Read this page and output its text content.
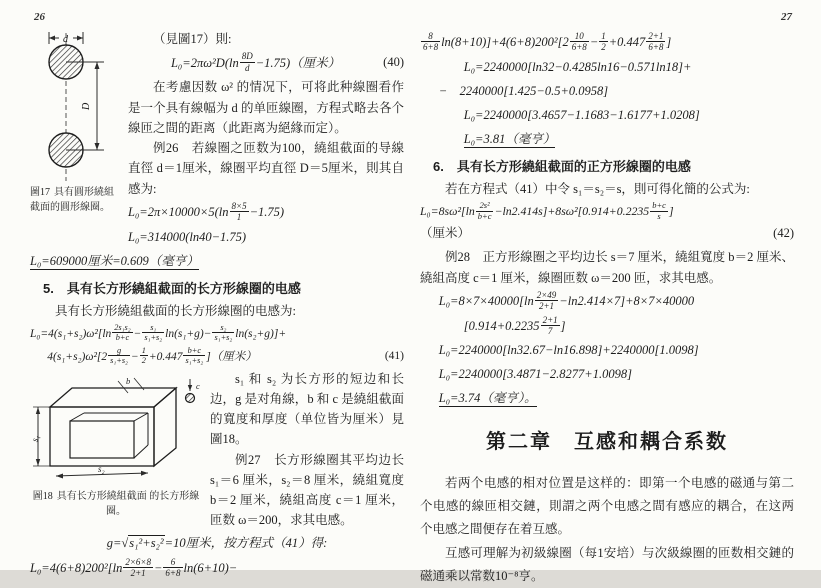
26
d
D
圖17 具有圓形繞組截面的圓形線圈。

（見圖17）則:

(40)
$L_0=2\pi\omega^2D(\ln \frac{8D}{d} -1.75)$（厘米）

在考慮因数 ω² 的情况下，可将此种線圈看作是一个具有線幅为 d 的单匝線圈，方程式略去各个線匝之間的距离（此距离为絕緣而定）。

例26　若線圈之匝数为100，繞組截面的导線直徑 d＝1厘米，線圈平均直徑 D＝5厘米，則其自感为:

$L_0=2\pi\times 10000\times 5(\ln \frac{8\times 5}{1} -1.75)$
L₀=314000(ln40−1.75)
L₀=609000厘米=0.609（毫亨）
5.　具有长方形繞組截面的长方形線圈的电感

具有长方形繞組截面的长方形線圈的电感为:

$L_0=4(s_1+s_2)\omega^2[\ln \frac{\text{2s₁s₂}}{b+c} - \frac{\text{s₁}}{\text{s₁+s₂}} \ln(s_1+g)- \frac{\text{s₂}}{\text{s₁+s₂}} \ln(s_2+g)]+$
(41)
$4(s_1+s_2)\omega^2[2 \frac{g}{\text{s₁+s₂}} - \frac{1}{2} +0.447 \frac{b+c}{\text{s₁+s₂}}$ ]（厘米）
s₁
s₂
b	c
圖18 具有长方形繞組截面 的长方形線圈。

s₁ 和 s₂ 为长方形的短边和长边，g 是对角線，b 和 c 是繞組截面的寬度和厚度（单位皆为厘米）見圖18。

例27　长方形線圈其平均边长 s₁＝6 厘米，s₂＝8 厘米，繞組寬度 b＝2 厘米，繞組高度 c＝1 厘米，匝数 ω＝200，求其电感。

g=√s₁²+s₂²=10厘米，按方程式（41）得:
$L_0=4(6+8)200^2[\ln \frac{2\times 6\times 8}{2+1} - \frac{6}{6+8} \ln(6+10)-$
27
$\frac{8}{6+8} \ln(8+10)]+4(6+8)200^2[2 \frac{10}{6+8} - \frac{1}{2} +0.447 \frac{2+1}{6+8}$ ]
L₀=2240000[ln32−0.4285ln16−0.571ln18]+
−　2240000[1.425−0.5+0.0958]
L₀=2240000[3.4657−1.1683−1.6177+1.0208]
L₀=3.81（毫亨）
6.　具有长方形繞組截面的正方形線圈的电感

若在方程式（41）中令 s₁＝s₂＝s，則可得化簡的公式为:

$L_0=8s\omega^2[\ln \frac{\text{2s²}}{b+c} -\ln 2.414s]+8s\omega^2[0.914+0.2235 \frac{b+c}{s}$ ]
(42)
（厘米）

例28　正方形線圈之平均边长 s＝7 厘米，繞組寬度 b＝2 厘米、繞組高度 c＝1 厘米，線圈匝数 ω＝200 匝，求其电感。

$L_0=8\times 7\times 40000[\ln \frac{2\times 49}{2+1} -\ln 2.414\times 7]+8\times 7\times 40000$
[$0.914+0.2235 \frac{2+1}{7}$ ]
L₀=2240000[ln32.67−ln16.898]+2240000[1.0098]
L₀=2240000[3.4871−2.8277+1.0098]
L₀=3.74（毫亨）。
第二章　互感和耦合系数

若两个电感的相对位置是这样的：即第一个电感的磁通与第二个电感的線匝相交鏈，則謂之两个电感之間有感应的耦合，在这两个电感之間便存在着互感。

互感可理解为初級線圈（每1安培）与次級線圈的匝数相交鏈的磁通乘以常数10⁻⁸亨。
